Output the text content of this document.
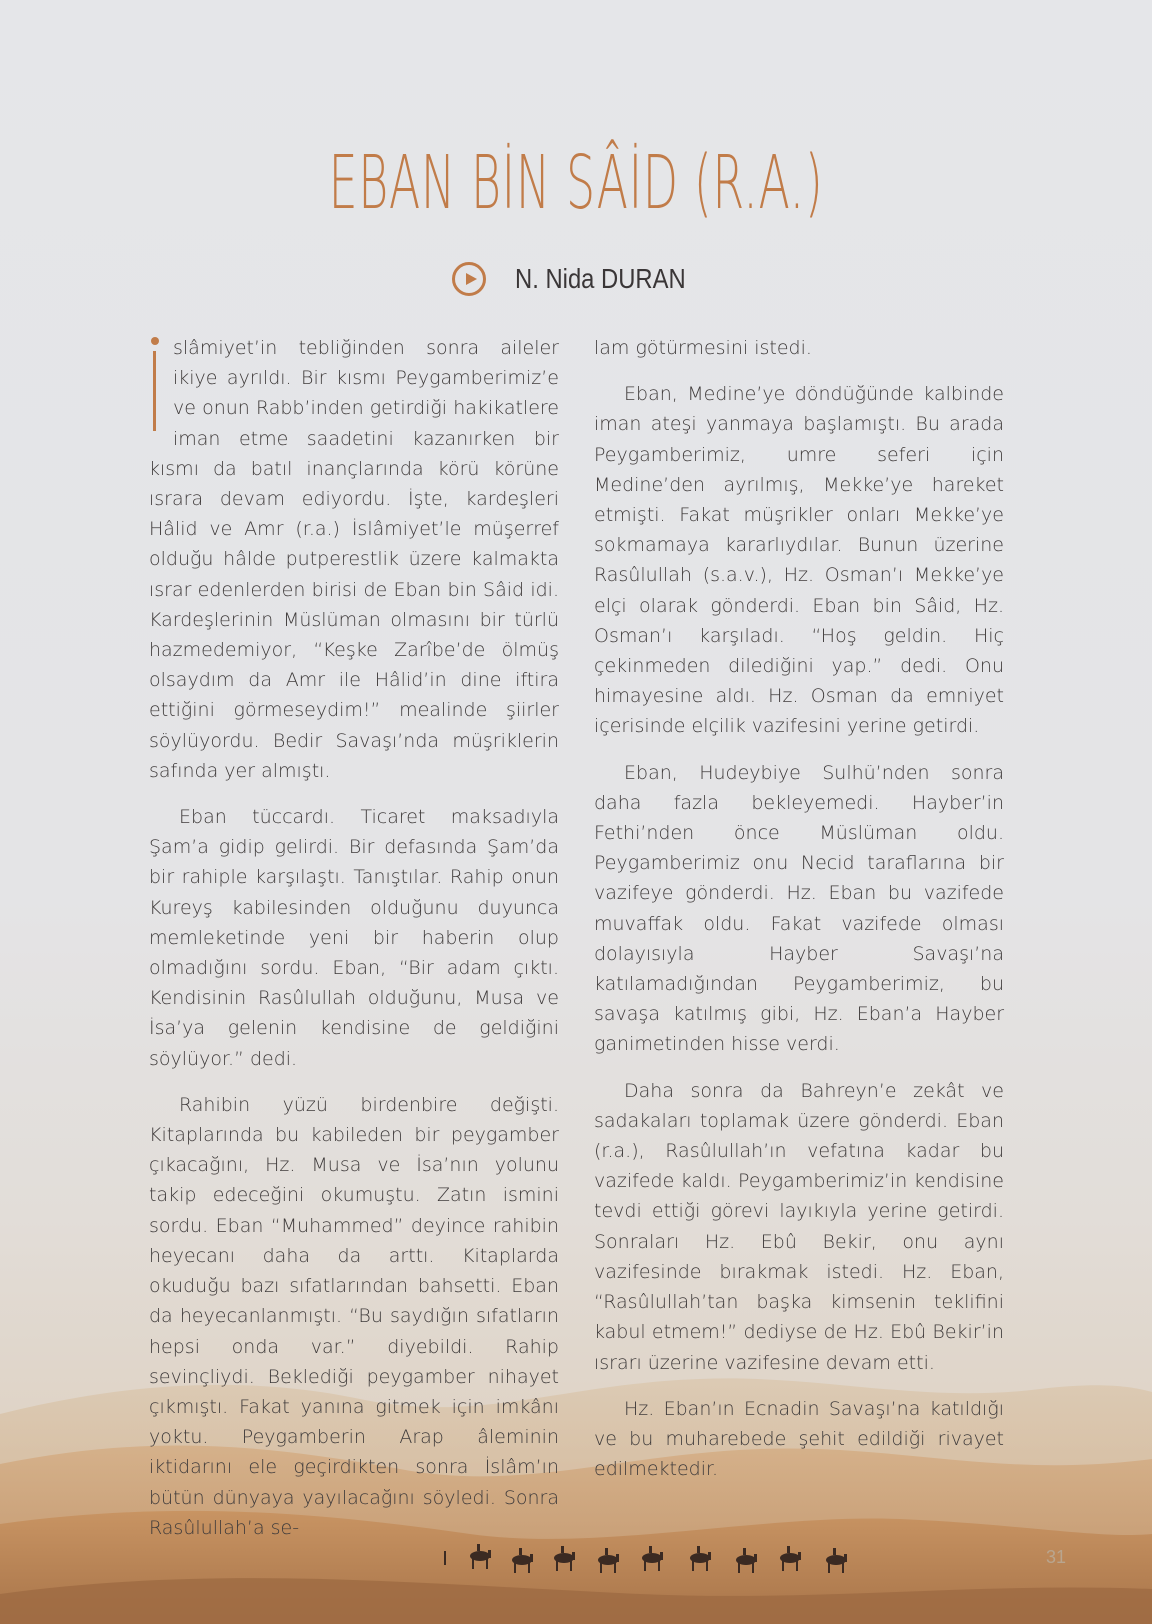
EBAN BİN SÂİD (R.A.)
N. Nida DURAN

slâmiyet’in tebliğinden sonra aileler ikiye ayrıldı. Bir kısmı Peygamberimiz’e ve onun Rabb’inden getirdiği hakikatlere iman etme saadetini kazanırken bir kısmı da batıl inançlarında körü körüne ısrara devam ediyordu. İşte, kardeşleri Hâlid ve Amr (r.a.) İslâmiyet’le müşerref olduğu hâlde putperestlik üzere kalmakta ısrar edenlerden birisi de Eban bin Sâid idi. Kardeşlerinin Müslüman olmasını bir türlü hazmedemiyor, “Keşke Zarîbe’de ölmüş olsaydım da Amr ile Hâlid’in dine iftira ettiğini görmeseydim!” mealinde şiirler söylüyordu. Bedir Savaşı’nda müşriklerin safında yer almıştı.

Eban tüccardı. Ticaret maksadıyla Şam’a gidip gelirdi. Bir defasında Şam’da bir rahiple karşılaştı. Tanıştılar. Rahip onun Kureyş kabilesinden olduğunu duyunca memleketinde yeni bir haberin olup olmadığını sordu. Eban, “Bir adam çıktı. Kendisinin Rasûlullah olduğunu, Musa ve İsa’ya gelenin kendisine de geldiğini söylüyor.” dedi.

Rahibin yüzü birdenbire değişti. Kitaplarında bu kabileden bir peygamber çıkacağını, Hz. Musa ve İsa’nın yolunu takip edeceğini okumuştu. Zatın ismini sordu. Eban “Muhammed” deyince rahibin heyecanı daha da arttı. Kitaplarda okuduğu bazı sıfatlarından bahsetti. Eban da heyecanlanmıştı. “Bu saydığın sıfatların hepsi onda var.” diyebildi. Rahip sevinçliydi. Beklediği peygamber nihayet çıkmıştı. Fakat yanına gitmek için imkânı yoktu. Peygamberin Arap âleminin iktidarını ele geçirdikten sonra İslâm’ın bütün dünyaya yayılacağını söyledi. Sonra Rasûlullah’a se-

lam götürmesini istedi.

Eban, Medine’ye döndüğünde kalbinde iman ateşi yanmaya başlamıştı. Bu arada Peygamberimiz, umre seferi için Medine’den ayrılmış, Mekke’ye hareket etmişti. Fakat müşrikler onları Mekke’ye sokmamaya kararlıydılar. Bunun üzerine Rasûlullah (s.a.v.), Hz. Osman’ı Mekke’ye elçi olarak gönderdi. Eban bin Sâid, Hz. Osman’ı karşıladı. “Hoş geldin. Hiç çekinmeden dilediğini yap.” dedi. Onu himayesine aldı. Hz. Osman da emniyet içerisinde elçilik vazifesini yerine getirdi.

Eban, Hudeybiye Sulhü’nden sonra daha fazla bekleyemedi. Hayber’in Fethi’nden önce Müslüman oldu. Peygamberimiz onu Necid taraflarına bir vazifeye gönderdi. Hz. Eban bu vazifede muvaffak oldu. Fakat vazifede olması dolayısıyla Hayber Savaşı’na katılamadığından Peygamberimiz, bu savaşa katılmış gibi, Hz. Eban’a Hayber ganimetinden hisse verdi.

Daha sonra da Bahreyn’e zekât ve sadakaları toplamak üzere gönderdi. Eban (r.a.), Rasûlullah’ın vefatına kadar bu vazifede kaldı. Peygamberimiz’in kendisine tevdi ettiği görevi layıkıyla yerine getirdi. Sonraları Hz. Ebû Bekir, onu aynı vazifesinde bırakmak istedi. Hz. Eban, “Rasûlullah’tan başka kimsenin teklifini kabul etmem!” dediyse de Hz. Ebû Bekir’in ısrarı üzerine vazifesine devam etti.

Hz. Eban’ın Ecnadin Savaşı’na katıldığı ve bu muharebede şehit edildiği rivayet edilmektedir.

31
